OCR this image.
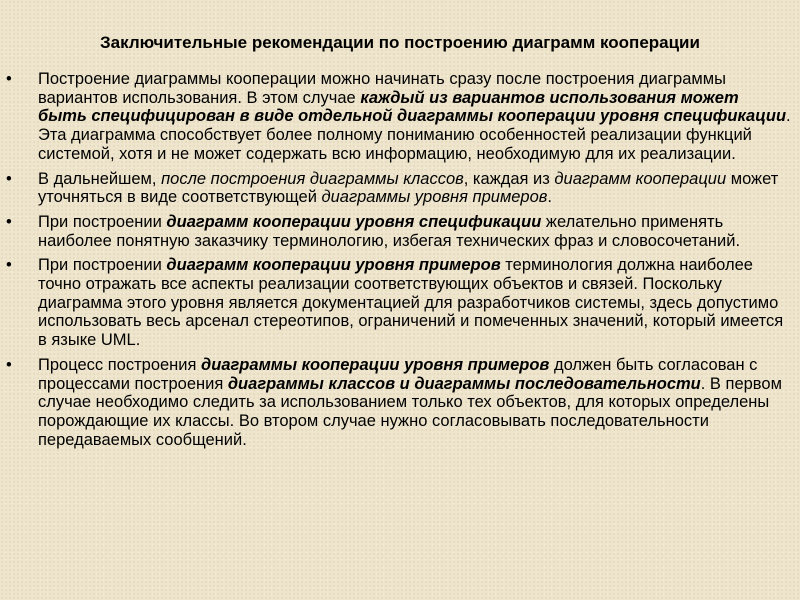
Заключительные рекомендации по построению диаграмм кооперации
•	Построение диаграммы кооперации можно начинать сразу после построения диаграммы вариантов использования. В этом случае каждый из вариантов использования может быть специфицирован в виде отдельной диаграммы кооперации уровня спецификации. Эта диаграмма способствует более полному пониманию особенностей реализации функций системой, хотя и не может содержать всю информацию, необходимую для их реализации.
•	В дальнейшем, после построения диаграммы классов, каждая из диаграмм кооперации может уточняться в виде соответствующей диаграммы уровня примеров.
•	При построении диаграмм кооперации уровня спецификации желательно применять наиболее понятную заказчику терминологию, избегая технических фраз и словосочетаний.
•	При построении диаграмм кооперации уровня примеров терминология должна наиболее точно отражать все аспекты реализации соответствующих объектов и связей. Поскольку диаграмма этого уровня является документацией для разработчиков системы, здесь допустимо использовать весь арсенал стереотипов, ограничений и помеченных значений, который имеется в языке UML.
•	Процесс построения диаграммы кооперации уровня примеров должен быть согласован с процессами построения диаграммы классов и диаграммы последовательности. В первом случае необходимо следить за использованием только тех объектов, для которых определены порождающие их классы. Во втором случае нужно согласовывать последовательности передаваемых сообщений.
